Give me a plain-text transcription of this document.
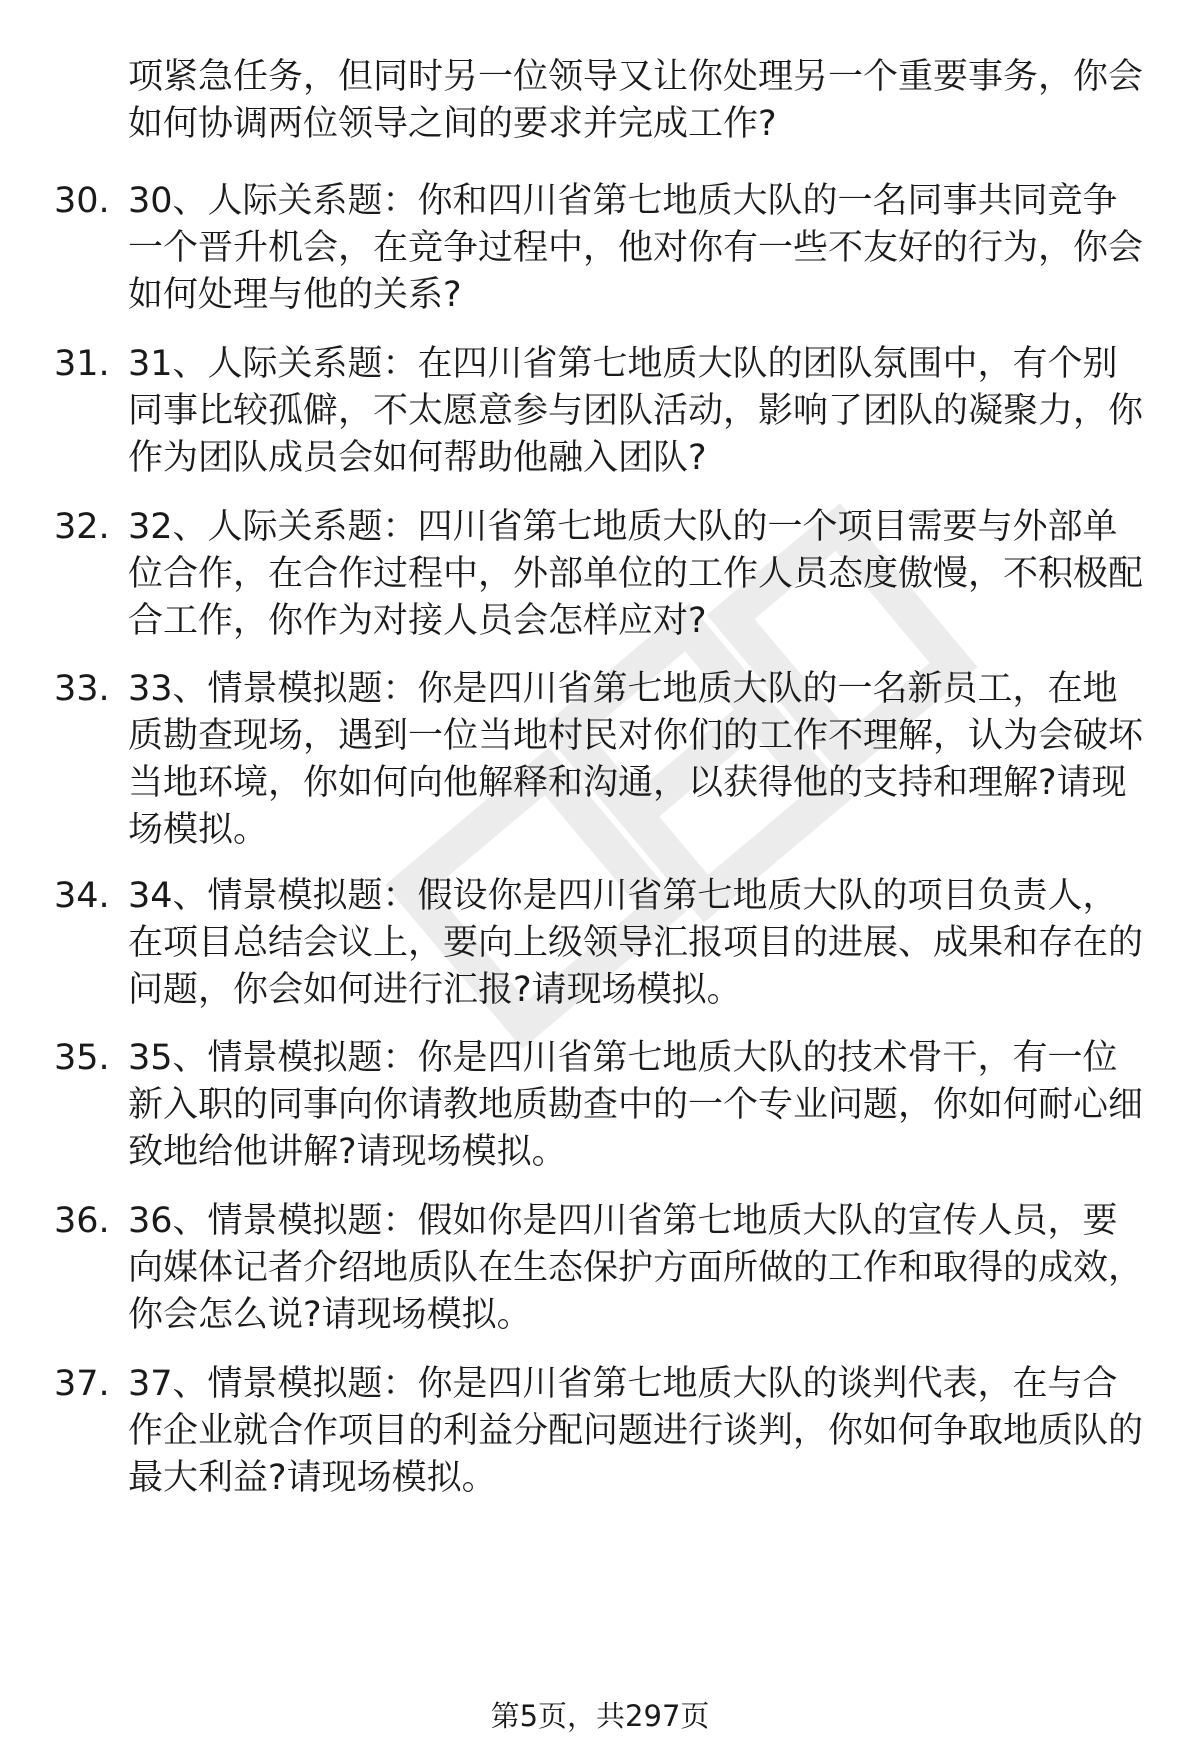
项紧急任务，但同时另一位领导又让你处理另一个重要事务，你会如何协调两位领导之间的要求并完成工作?
30. 30、人际关系题：你和四川省第七地质大队的一名同事共同竞争一个晋升机会，在竞争过程中，他对你有一些不友好的行为，你会如何处理与他的关系?
31. 31、人际关系题：在四川省第七地质大队的团队氛围中，有个别同事比较孤僻，不太愿意参与团队活动，影响了团队的凝聚力，你作为团队成员会如何帮助他融入团队?
32. 32、人际关系题：四川省第七地质大队的一个项目需要与外部单位合作，在合作过程中，外部单位的工作人员态度傲慢，不积极配合工作，你作为对接人员会怎样应对?
33. 33、情景模拟题：你是四川省第七地质大队的一名新员工，在地质勘查现场，遇到一位当地村民对你们的工作不理解，认为会破坏当地环境，你如何向他解释和沟通，以获得他的支持和理解?请现场模拟。
34. 34、情景模拟题：假设你是四川省第七地质大队的项目负责人，在项目总结会议上，要向上级领导汇报项目的进展、成果和存在的问题，你会如何进行汇报?请现场模拟。
35. 35、情景模拟题：你是四川省第七地质大队的技术骨干，有一位新入职的同事向你请教地质勘查中的一个专业问题，你如何耐心细致地给他讲解?请现场模拟。
36. 36、情景模拟题：假如你是四川省第七地质大队的宣传人员，要向媒体记者介绍地质队在生态保护方面所做的工作和取得的成效，你会怎么说?请现场模拟。
37. 37、情景模拟题：你是四川省第七地质大队的谈判代表，在与合作企业就合作项目的利益分配问题进行谈判，你如何争取地质队的最大利益?请现场模拟。
第5页，共297页
